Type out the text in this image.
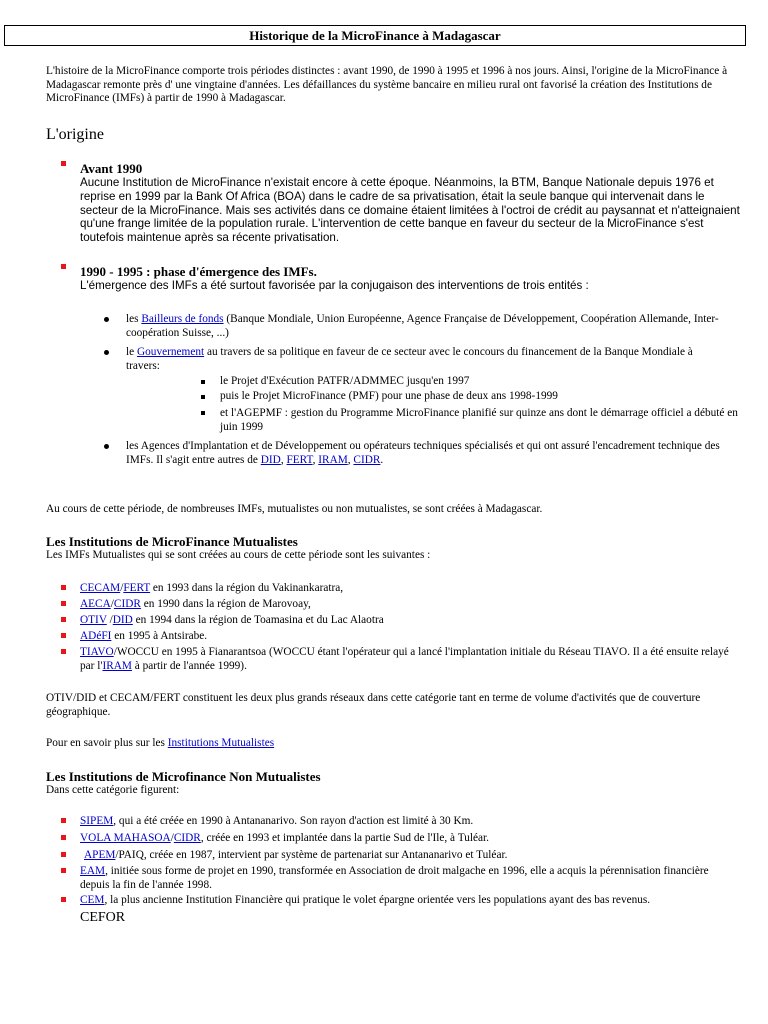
Historique de la MicroFinance à Madagascar
L'histoire de la MicroFinance comporte trois périodes distinctes : avant 1990, de 1990 à 1995 et 1996 à nos jours. Ainsi, l'origine de la MicroFinance à Madagascar remonte près d' une vingtaine d'années. Les défaillances du système bancaire en milieu rural ont favorisé la création des Institutions de MicroFinance (IMFs) à partir de 1990 à Madagascar.
L'origine
Avant 1990
Aucune Institution de MicroFinance n'existait encore à cette époque. Néanmoins, la BTM, Banque Nationale depuis 1976 et reprise en 1999 par la Bank Of Africa (BOA) dans le cadre de sa privatisation, était la seule banque qui intervenait dans le secteur de la MicroFinance. Mais ses activités dans ce domaine étaient limitées à l'octroi de crédit au paysannat et n'atteignaient qu'une frange limitée de la population rurale. L'intervention de cette banque en faveur du secteur de la MicroFinance s'est toutefois maintenue après sa récente privatisation.
1990 - 1995 : phase d'émergence des IMFs.
L'émergence des IMFs a été surtout favorisée par la conjugaison des interventions de trois entités :
les Bailleurs de fonds (Banque Mondiale, Union Européenne, Agence Française de Développement, Coopération Allemande, Inter-coopération Suisse, ...)
le Gouvernement au travers de sa politique en faveur de ce secteur avec le concours du financement de la Banque Mondiale à travers:
le Projet d'Exécution PATFR/ADMMEC jusqu'en 1997
puis le Projet MicroFinance (PMF) pour une phase de deux ans 1998-1999
et l'AGEPMF : gestion du Programme MicroFinance planifié sur quinze ans dont le démarrage officiel a débuté en juin 1999
les Agences d'Implantation et de Développement ou opérateurs techniques spécialisés et qui ont assuré l'encadrement technique des IMFs. Il s'agit entre autres de DID, FERT, IRAM, CIDR.
Au cours de cette période, de nombreuses IMFs, mutualistes ou non mutualistes, se sont créées à Madagascar.
Les Institutions de MicroFinance Mutualistes
Les IMFs Mutualistes qui se sont créées au cours de cette période sont les suivantes :
CECAM/FERT en 1993 dans la région du Vakinankaratra,
AECA/CIDR en 1990 dans la région de Marovoay,
OTIV /DID en 1994 dans la région de Toamasina et du Lac Alaotra
ADéFI en 1995 à Antsirabe.
TIAVO/WOCCU en 1995 à Fianarantsoa (WOCCU étant l'opérateur qui a lancé l'implantation initiale du Réseau TIAVO. Il a été ensuite relayé par l'IRAM à partir de l'année 1999).
OTIV/DID et CECAM/FERT constituent les deux plus grands réseaux dans cette catégorie tant en terme de volume d'activités que de couverture géographique.
Pour en savoir plus sur les Institutions Mutualistes
Les Institutions de Microfinance Non Mutualistes
Dans cette catégorie figurent:
SIPEM, qui a été créée en 1990 à Antananarivo. Son rayon d'action est limité à 30 Km.
VOLA MAHASOA/CIDR, créée en 1993 et implantée dans la partie Sud de l'Ile, à Tuléar.
APEM/PAIQ, créée en 1987, intervient par système de partenariat sur Antananarivo et Tuléar.
EAM, initiée sous forme de projet en 1990, transformée en Association de droit malgache en 1996, elle a acquis la pérennisation financière depuis la fin de l'année 1998.
CEM, la plus ancienne Institution Financière qui pratique le volet épargne orientée vers les populations ayant des bas revenus.
CEFOR
